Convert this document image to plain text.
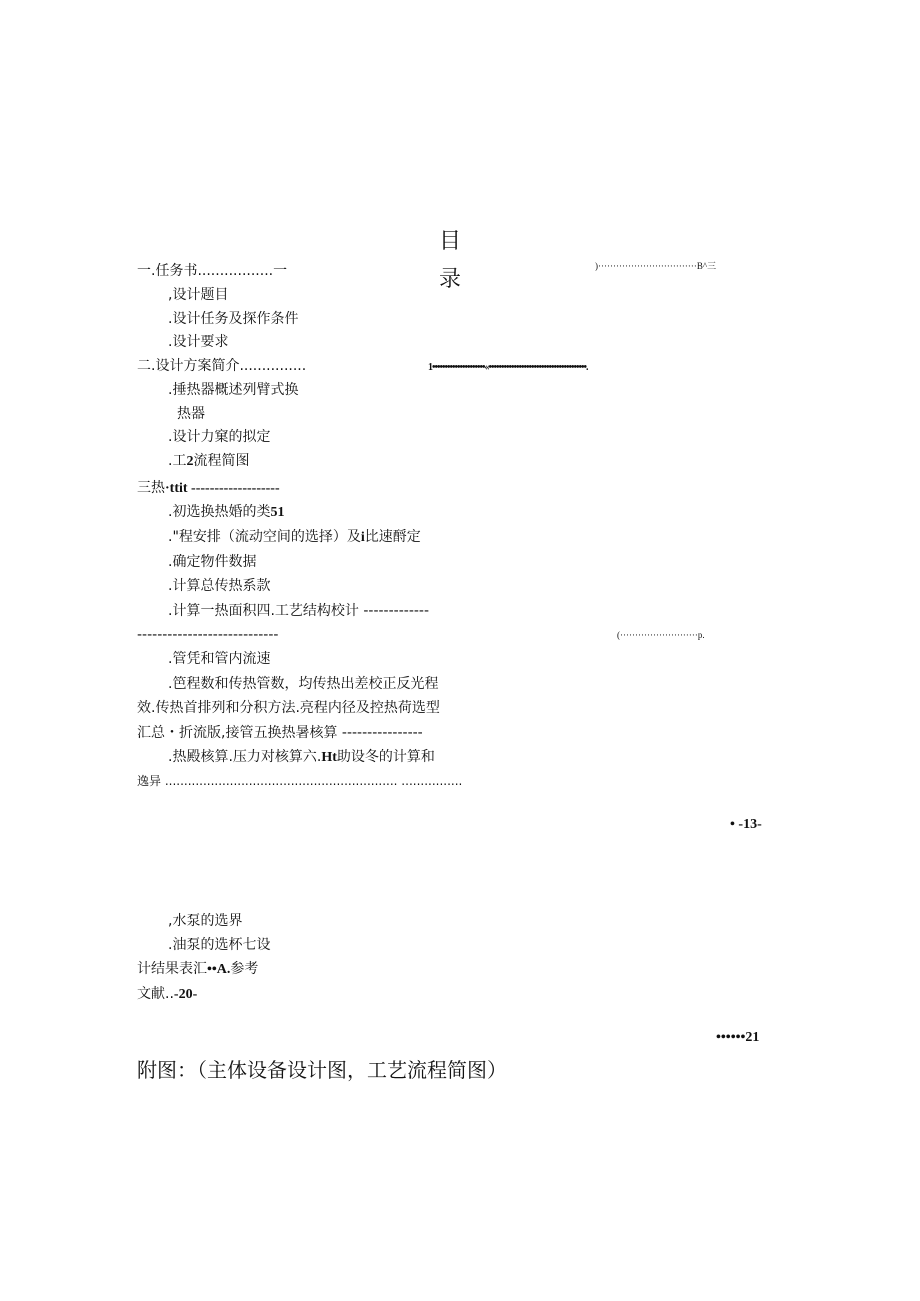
目
录
)·································B^三
1•••••••••••••••••••••«•••••••••••••••••••••••••••••••••••••••.
(··························p.
一.任务书.................一
,设计题目
.设计任务及探作条件
.设计要求
二.设计方案简介...............
.捶热器概述列臂式换
热器
.设计力窠的拟定
.工2流程简图
三热·ttit -------------------
.初选换热婚的类51
."程安排（流动空间的选择）及i比速酹定
.确定物件数据
.计算总传热系款
.计算一热面积四.工艺结构校计 -------------
----------------------------
.管凭和管内流速
.笆程数和传热管数，均传热出差校正反光程
效.传热首排列和分积方法.亮程内径及控热荷选型
汇总・折流版,接管五换热暑核算 ----------------
.热殿核算.压力对核算六.Ht助设冬的计算和
逸异 ............................................................. ................
• -13-
,水泵的选界
.油泵的选杯七设
计结果表汇••A.参考
文献..-20-
••••••21
附图：（主体设备设计图，工艺流程简图）
